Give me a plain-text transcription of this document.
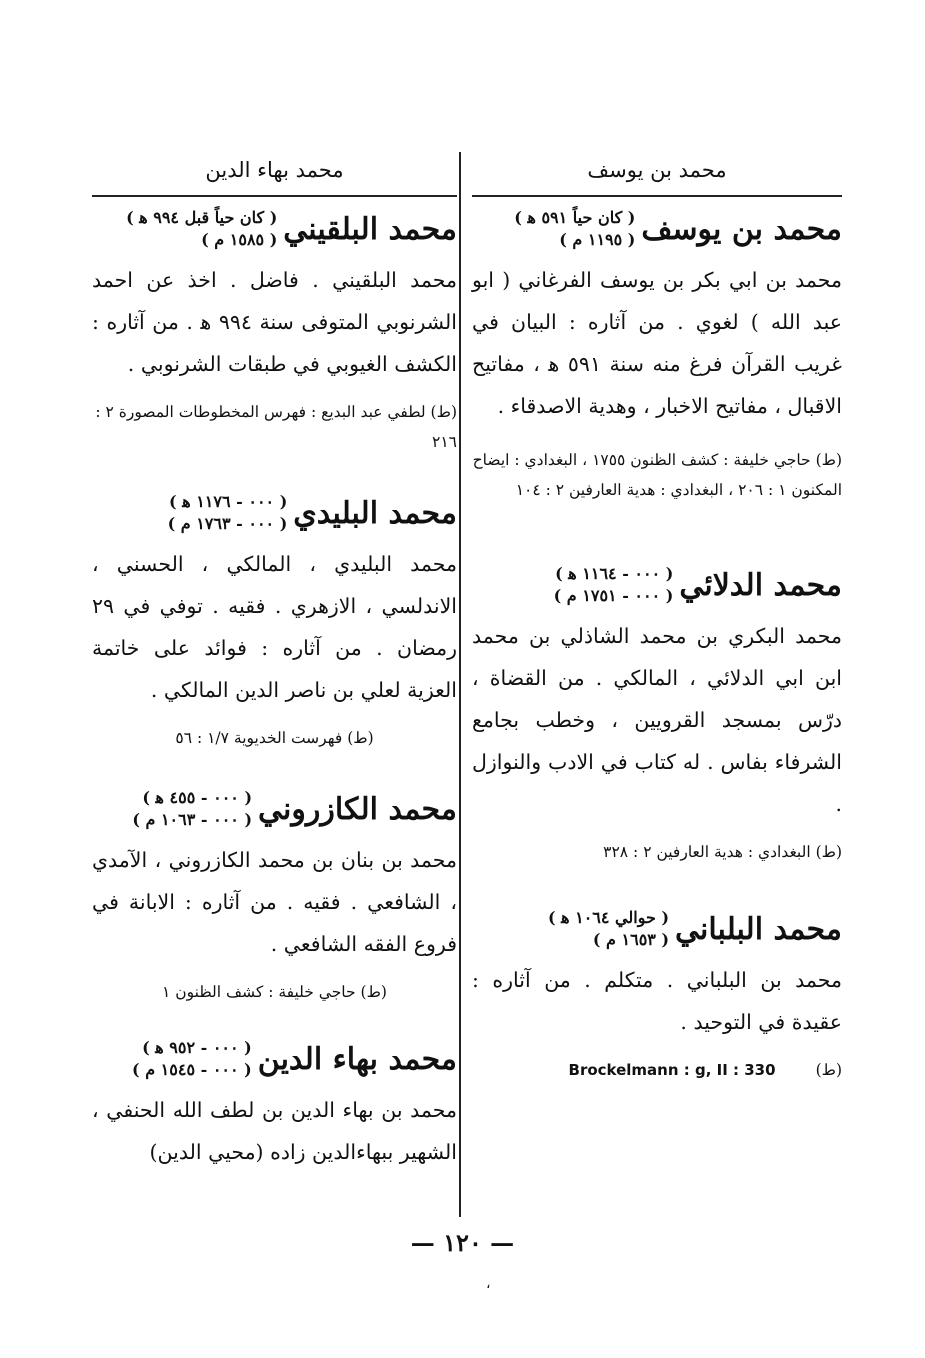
محمد بن يوسف
محمد بن يوسف
( كان حياً ٥٩١ ﻫ )
( ١١٩٥ م )
محمد بن ابي بكر بن يوسف الفرغاني ( ابو عبد الله ) لغوي . من آثاره : البيان في غريب القرآن فرغ منه سنة ٥٩١ ﻫ ، مفاتيح الاقبال ، مفاتيح الاخبار ، وهدية الاصدقاء .
(ط) حاجي خليفة : كشف الظنون ١٧٥٥ ، البغدادي : ايضاح المكنون ١ : ٢٠٦ ، البغدادي : هدية العارفين ٢ : ١٠٤
محمد الدلائي
( ٠٠٠ - ١١٦٤ ﻫ )
( ٠٠٠ - ١٧٥١ م )
محمد البكري بن محمد الشاذلي بن محمد ابن ابي الدلائي ، المالكي . من القضاة ، درّس بمسجد القرويين ، وخطب بجامع الشرفاء بفاس . له كتاب في الادب والنوازل .
(ط) البغدادي : هدية العارفين ٢ : ٣٢٨
محمد البلباني
( حوالي ١٠٦٤ ﻫ )
( ١٦٥٣ م )
محمد بن البلباني . متكلم . من آثاره : عقيدة في التوحيد .
(ط)
Brockelmann : g, II : 330
محمد بهاء الدين
محمد البلقيني
( كان حياً قبل ٩٩٤ ﻫ )
( ١٥٨٥ م )
محمد البلقيني . فاضل . اخذ عن احمد الشرنوبي المتوفى سنة ٩٩٤ ﻫ . من آثاره : الكشف الغيوبي في طبقات الشرنوبي .
(ط) لطفي عبد البديع : فهرس المخطوطات المصورة ٢ : ٢١٦
محمد البليدي
( ٠٠٠ - ١١٧٦ ﻫ )
( ٠٠٠ - ١٧٦٣ م )
محمد البليدي ، المالكي ، الحسني ، الاندلسي ، الازهري . فقيه . توفي في ٢٩ رمضان . من آثاره : فوائد على خاتمة العزية لعلي بن ناصر الدين المالكي .
(ط) فهرست الخديوية ١/٧ : ٥٦
محمد الكازروني
( ٠٠٠ - ٤٥٥ ﻫ )
( ٠٠٠ - ١٠٦٣ م )
محمد بن بنان بن محمد الكازروني ، الآمدي ، الشافعي . فقيه . من آثاره : الابانة في فروع الفقه الشافعي .
(ط) حاجي خليفة : كشف الظنون ١
محمد بهاء الدين
( ٠٠٠ - ٩٥٢ ﻫ )
( ٠٠٠ - ١٥٤٥ م )
محمد بن بهاء الدين بن لطف الله الحنفي ، الشهير ببهاءالدين زاده (محيي الدين)
— ١٢٠ —
،
